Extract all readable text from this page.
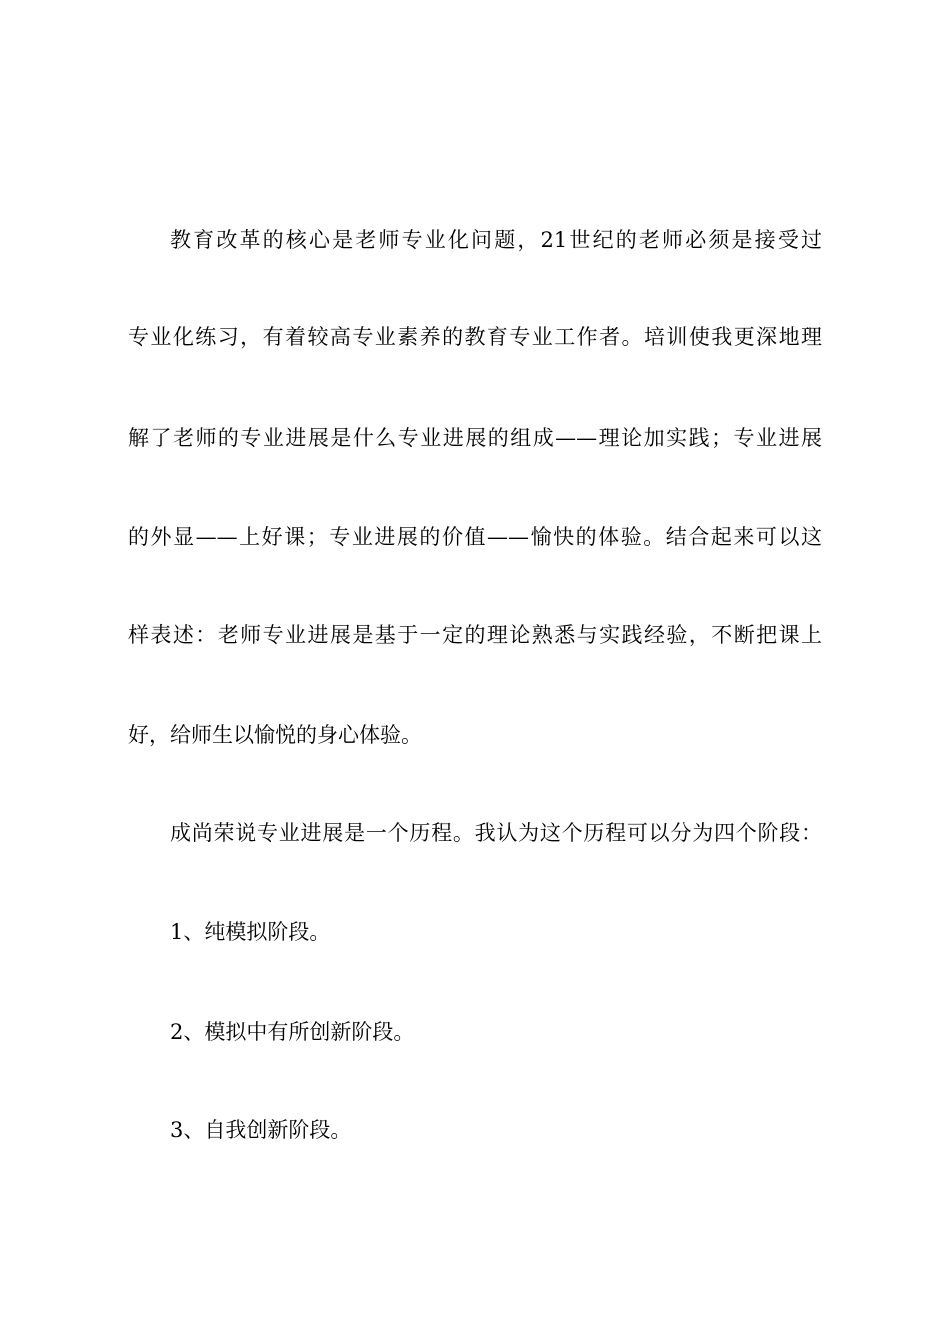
教育改革的核心是老师专业化问题，21世纪的老师必须是接受过
专业化练习，有着较高专业素养的教育专业工作者。培训使我更深地理
解了老师的专业进展是什么专业进展的组成——理论加实践；专业进展
的外显——上好课；专业进展的价值——愉快的体验。结合起来可以这
样表述：老师专业进展是基于一定的理论熟悉与实践经验，不断把课上
好，给师生以愉悦的身心体验。
成尚荣说专业进展是一个历程。我认为这个历程可以分为四个阶段：
1、纯模拟阶段。
2、模拟中有所创新阶段。
3、自我创新阶段。
